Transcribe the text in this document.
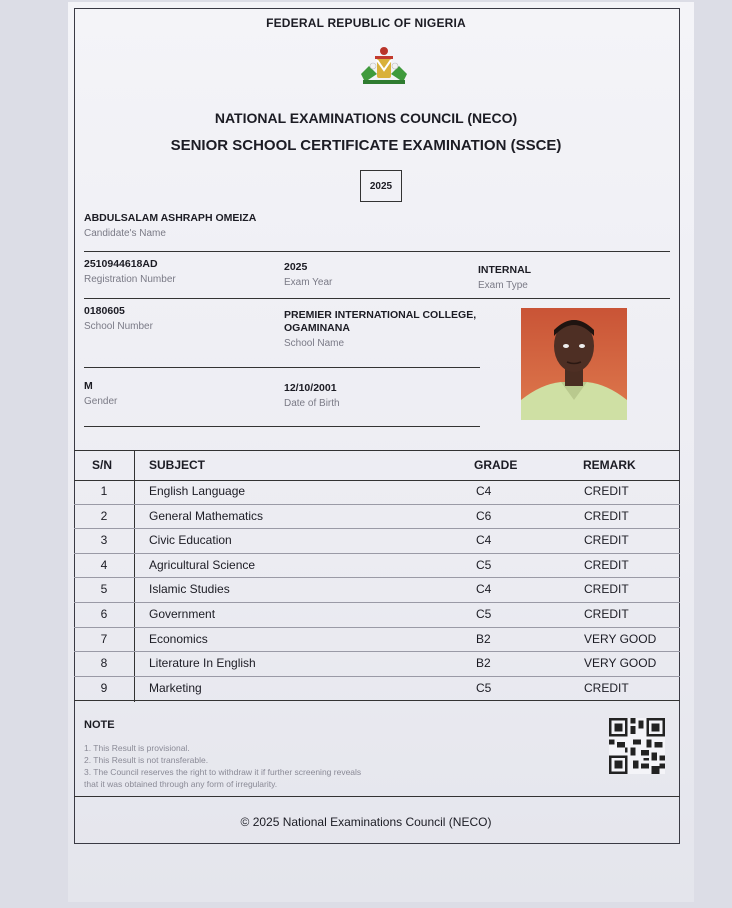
FEDERAL REPUBLIC OF NIGERIA
NATIONAL EXAMINATIONS COUNCIL (NECO)
SENIOR SCHOOL CERTIFICATE EXAMINATION (SSCE)
2025
ABDULSALAM ASHRAPH OMEIZA
Candidate's Name
2510944618AD
Registration Number
2025
Exam Year
INTERNAL
Exam Type
0180605
School Number
PREMIER INTERNATIONAL COLLEGE,
OGAMINANA
School Name
M
Gender
12/10/2001
Date of Birth
S/N	SUBJECT	GRADE	REMARK
1	English Language	C4	CREDIT
2	General Mathematics	C6	CREDIT
3	Civic Education	C4	CREDIT
4	Agricultural Science	C5	CREDIT
5	Islamic Studies	C4	CREDIT
6	Government	C5	CREDIT
7	Economics	B2	VERY GOOD
8	Literature In English	B2	VERY GOOD
9	Marketing	C5	CREDIT
NOTE
1. This Result is provisional.
2. This Result is not transferable.
3. The Council reserves the right to withdraw it if further screening reveals
that it was obtained through any form of irregularity.
© 2025 National Examinations Council (NECO)
